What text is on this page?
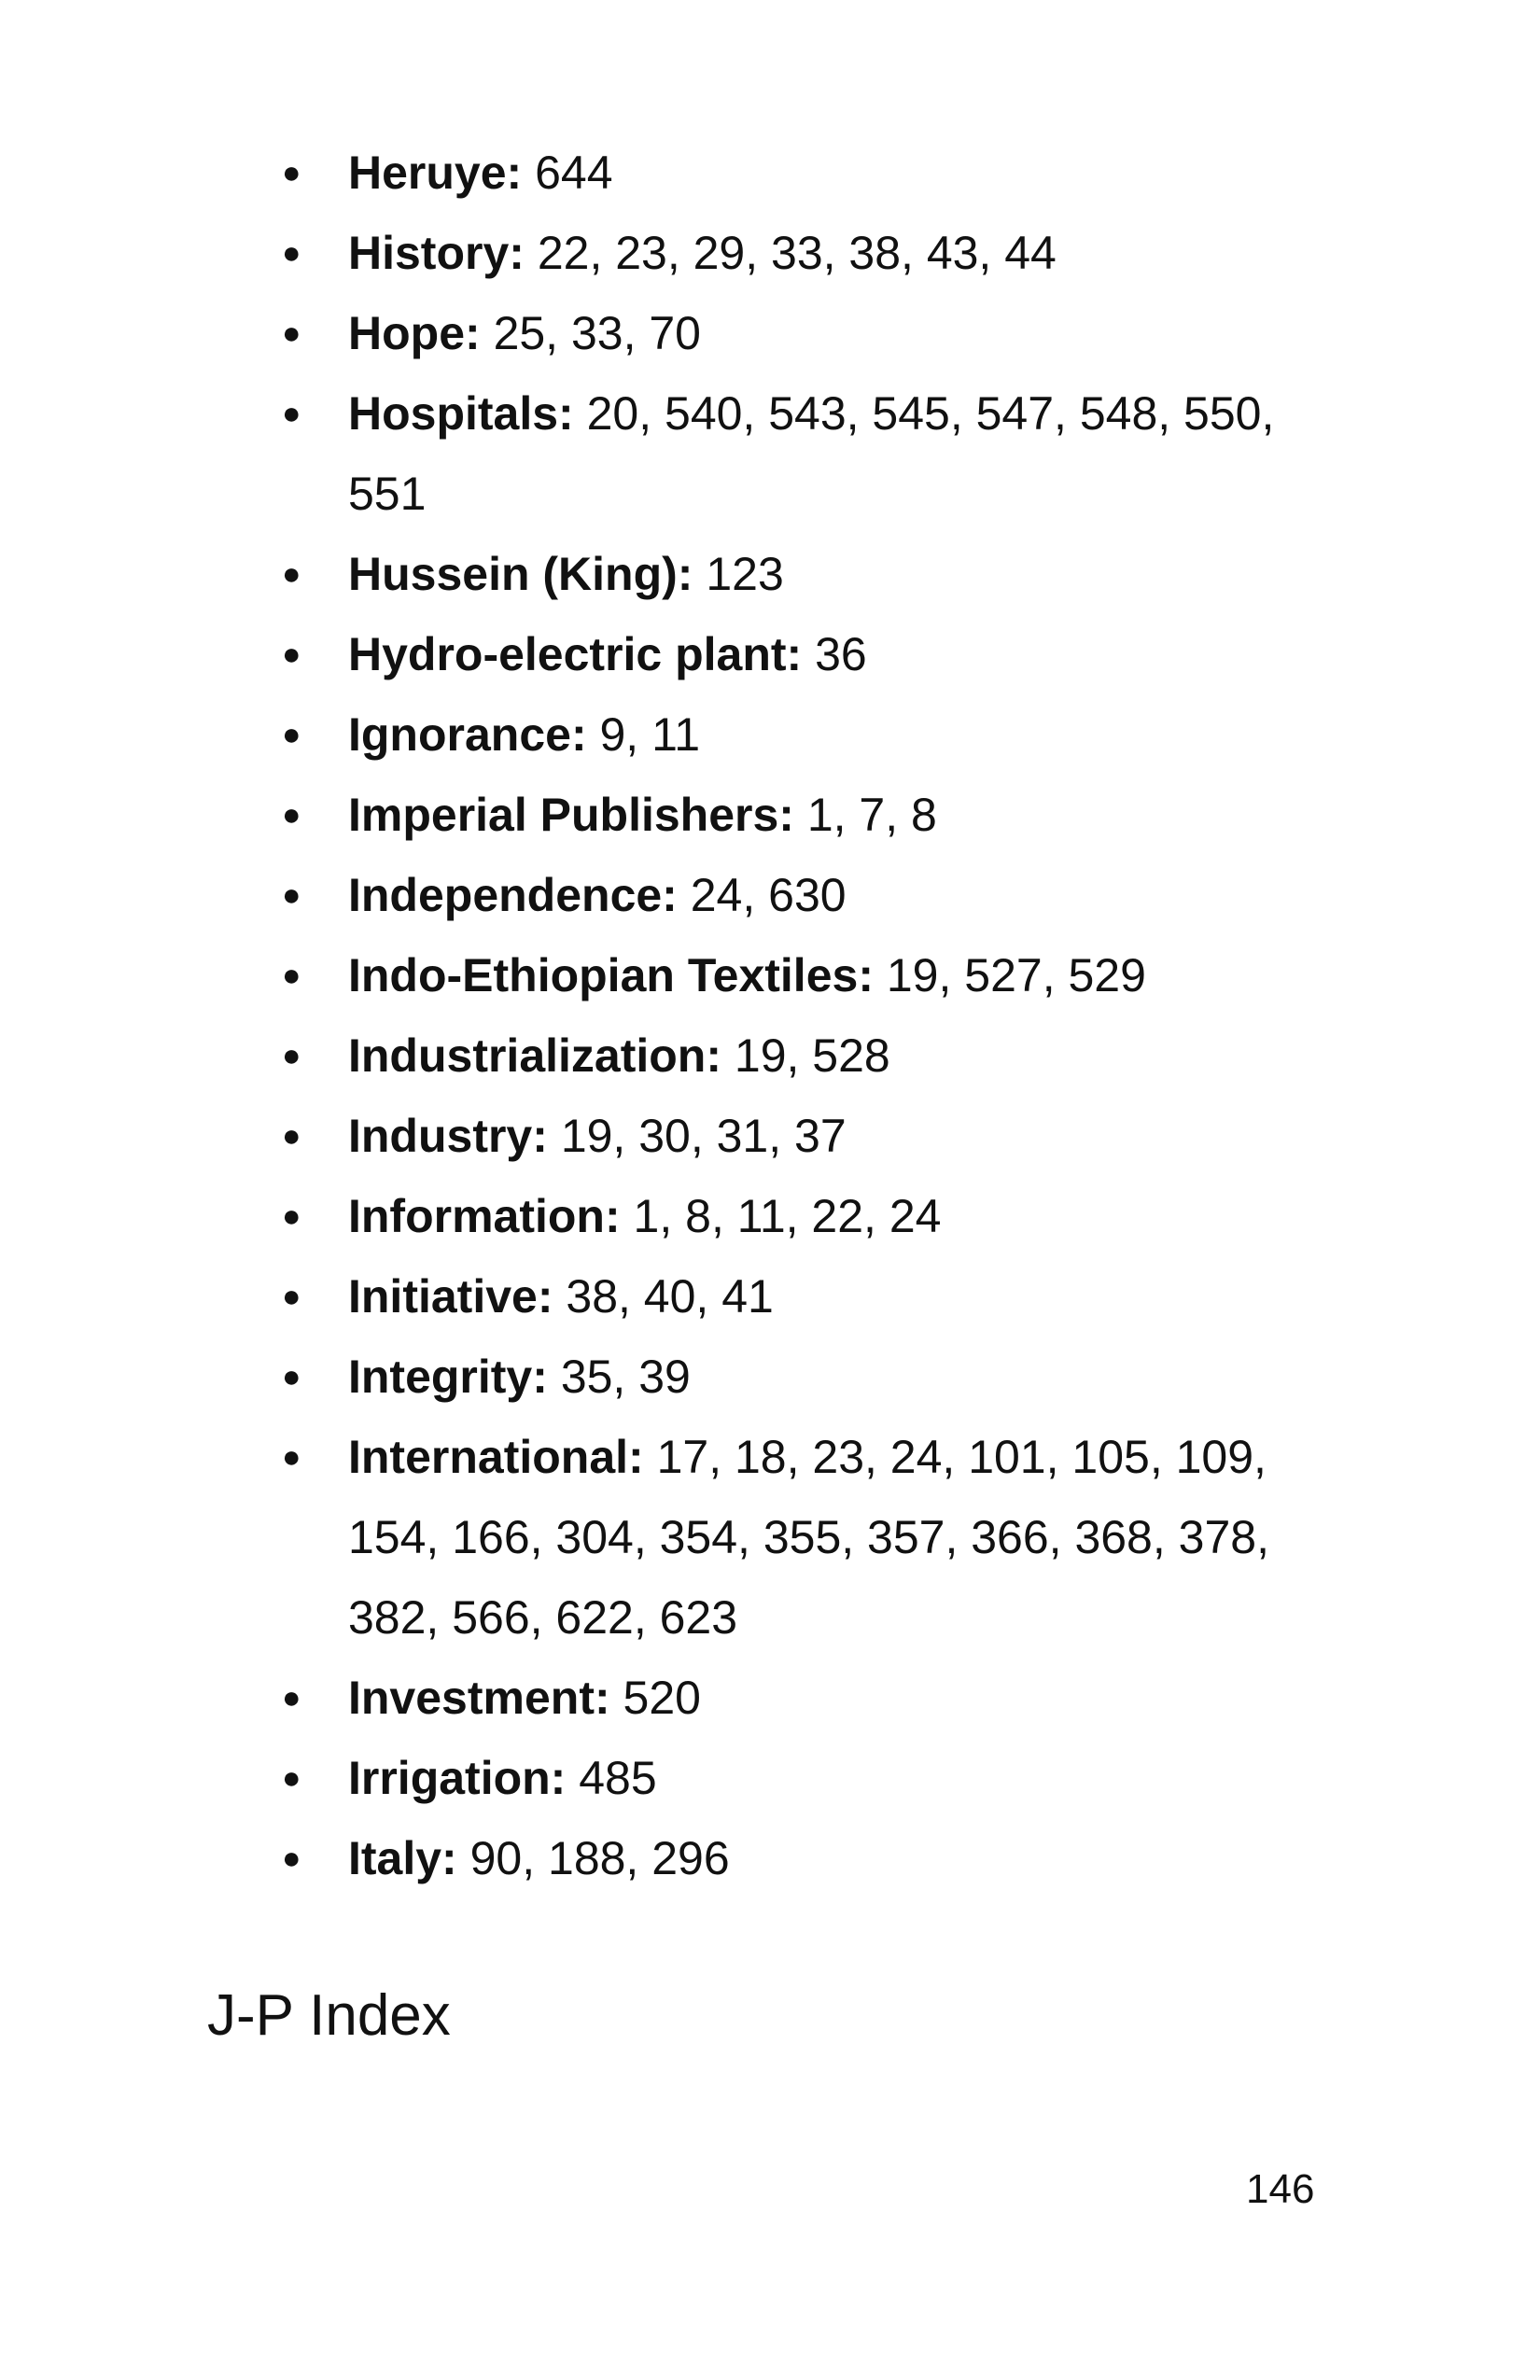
● Heruye: 644
● History: 22, 23, 29, 33, 38, 43, 44
● Hope: 25, 33, 70
● Hospitals: 20, 540, 543, 545, 547, 548, 550, 551
● Hussein (King): 123
● Hydro-electric plant: 36
● Ignorance: 9, 11
● Imperial Publishers: 1, 7, 8
● Independence: 24, 630
● Indo-Ethiopian Textiles: 19, 527, 529
● Industrialization: 19, 528
● Industry: 19, 30, 31, 37
● Information: 1, 8, 11, 22, 24
● Initiative: 38, 40, 41
● Integrity: 35, 39
● International: 17, 18, 23, 24, 101, 105, 109, 154, 166, 304, 354, 355, 357, 366, 368, 378, 382, 566, 622, 623
● Investment: 520
● Irrigation: 485
● Italy: 90, 188, 296
J-P Index
146
